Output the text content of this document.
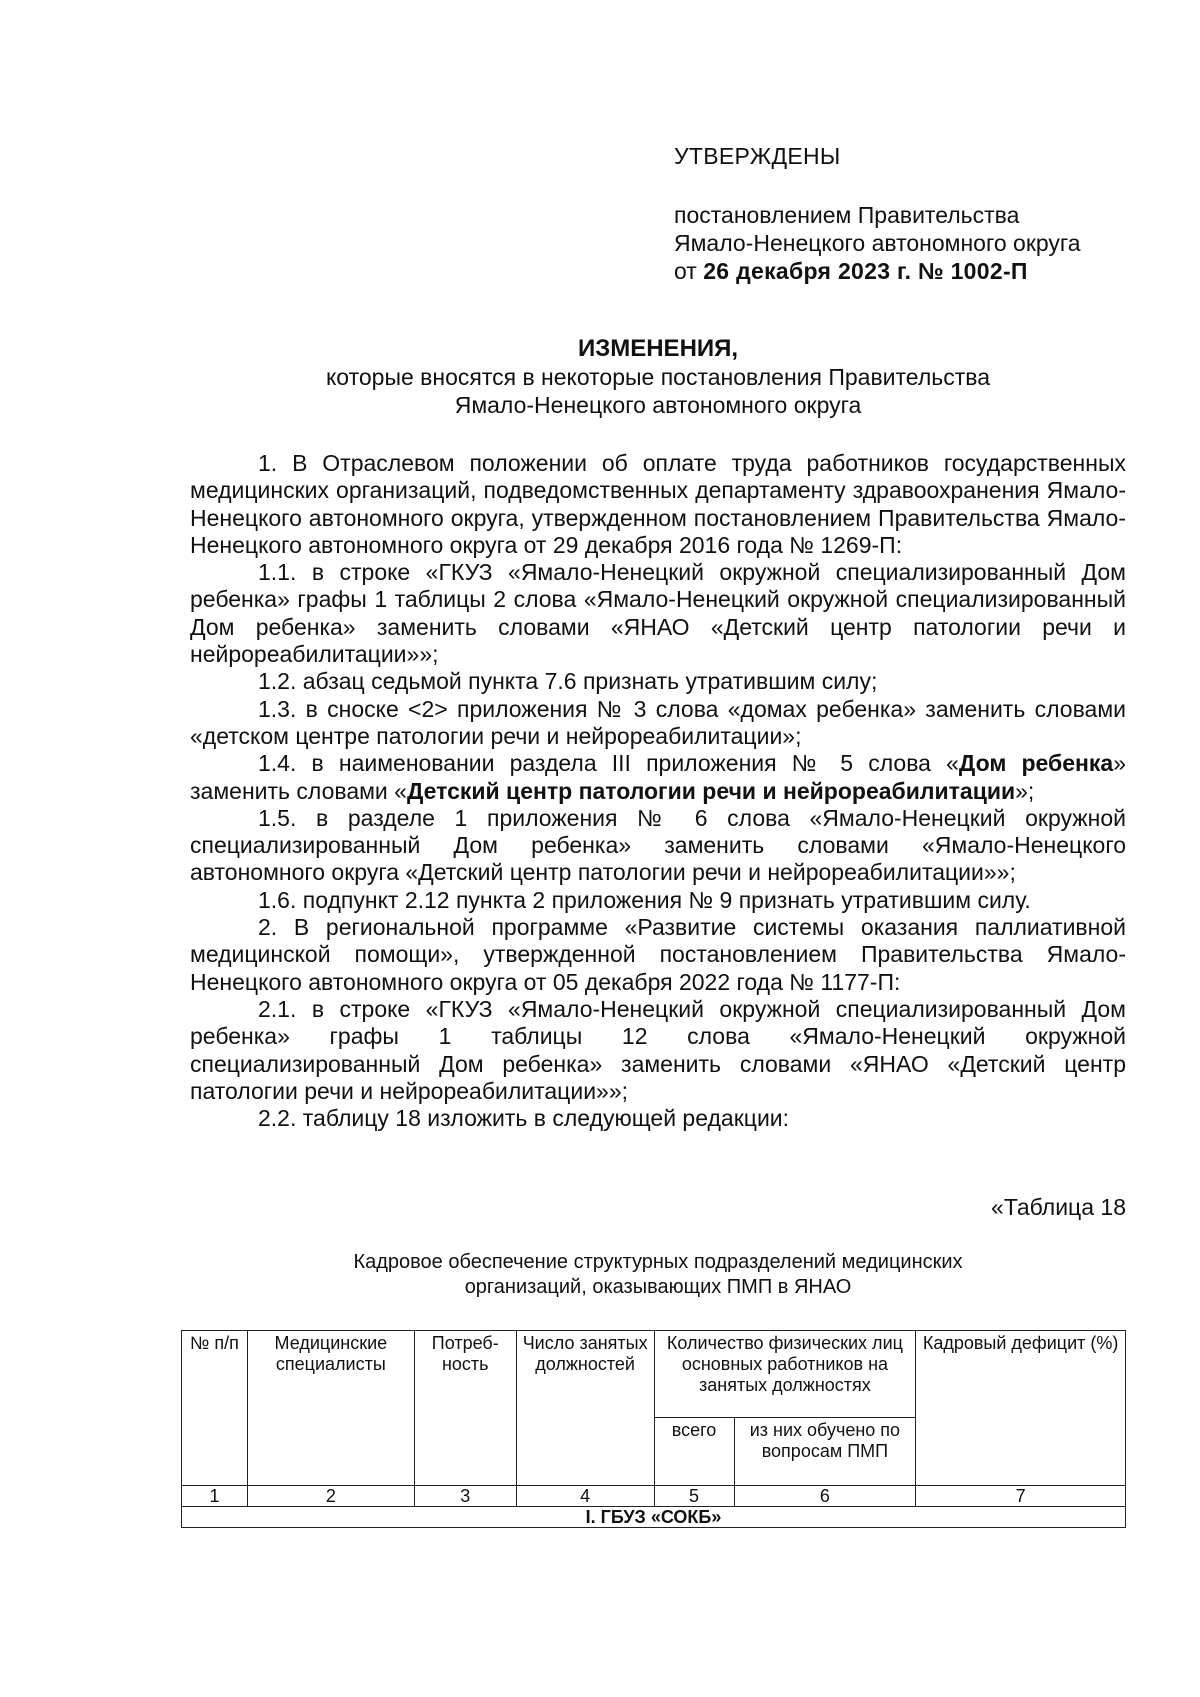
УТВЕРЖДЕНЫ
постановлением Правительства
Ямало-Ненецкого автономного округа
от 26 декабря 2023 г. № 1002-П
ИЗМЕНЕНИЯ,
которые вносятся в некоторые постановления Правительства
Ямало-Ненецкого автономного округа

1. В Отраслевом положении об оплате труда работников государственных медицинских организаций, подведомственных департаменту здравоохранения Ямало-Ненецкого автономного округа, утвержденном постановлением Правительства Ямало-Ненецкого автономного округа от 29 декабря 2016 года № 1269-П:

1.1. в строке «ГКУЗ «Ямало-Ненецкий окружной специализированный Дом ребенка» графы 1 таблицы 2 слова «Ямало-Ненецкий окружной специализированный Дом ребенка» заменить словами «ЯНАО «Детский центр патологии речи и нейрореабилитации»»;

1.2. абзац седьмой пункта 7.6 признать утратившим силу;

1.3. в сноске <2> приложения № 3 слова «домах ребенка» заменить словами «детском центре патологии речи и нейрореабилитации»;

1.4. в наименовании раздела III приложения № 5 слова «Дом ребенка» заменить словами «Детский центр патологии речи и нейрореабилитации»;

1.5. в разделе 1 приложения № 6 слова «Ямало-Ненецкий окружной специализированный Дом ребенка» заменить словами «Ямало-Ненецкого автономного округа «Детский центр патологии речи и нейрореабилитации»»;

1.6. подпункт 2.12 пункта 2 приложения № 9 признать утратившим силу.

2. В региональной программе «Развитие системы оказания паллиативной медицинской помощи», утвержденной постановлением Правительства Ямало-Ненецкого автономного округа от 05 декабря 2022 года № 1177-П:

2.1. в строке «ГКУЗ «Ямало-Ненецкий окружной специализированный Дом ребенка» графы 1 таблицы 12 слова «Ямало-Ненецкий окружной специализированный Дом ребенка» заменить словами «ЯНАО «Детский центр патологии речи и нейрореабилитации»»;

2.2. таблицу 18 изложить в следующей редакции:

«Таблица 18
Кадровое обеспечение структурных подразделений медицинских
организаций, оказывающих ПМП в ЯНАО
№ п/п	Медицинские специалисты	Потреб-ность	Число занятых должностей	Количество физических лиц основных работников на занятых должностях		Кадровый дефицит (%)
				всего	из них обучено по вопросам ПМП	
1	2	3	4	5	6	7
I. ГБУЗ «СОКБ»						
